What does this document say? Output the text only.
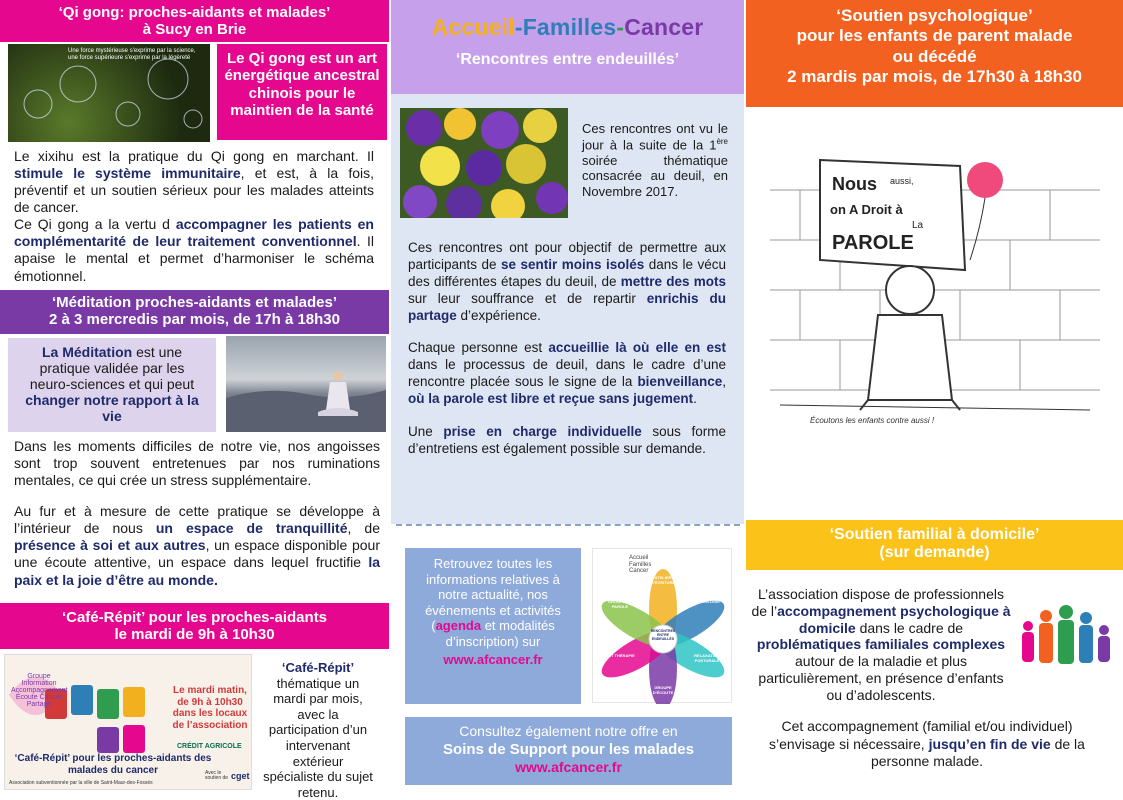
‘Qi gong: proches-aidants et malades’
à Sucy en Brie
Une force mystérieuse s'exprime par la science, une force supérieure s'exprime par la légèreté	Le Qi gong est un art énergétique ancestral chinois pour le maintien de la santé

Le xixihu est la pratique du Qi gong en marchant. Il stimule le système immunitaire, et est, à la fois, préventif et un soutien sérieux pour les malades atteints de cancer.

Ce Qi gong a la vertu d accompagner les patients en complémentarité de leur traitement conventionnel. Il apaise le mental et permet d’harmoniser le schéma émotionnel.

‘Méditation proches-aidants et malades’
2 à 3 mercredis par mois, de 17h à 18h30
La Méditation est une pratique validée par les neuro-sciences et qui peut changer notre rapport à la vie

Dans les moments difficiles de notre vie, nos angoisses sont trop souvent entretenues par nos ruminations mentales, ce qui crée un stress supplémentaire.

Au fur et à mesure de cette pratique se développe à l’intérieur de nous un espace de tranquillité, de présence à soi et aux autres, un espace disponible pour une écoute attentive, un espace dans lequel fructifie la paix et la joie d’être au monde.

‘Café-Répit’ pour les proches-aidants
le mardi de 9h à 10h30
Groupe Information Accompagnement Écoute Cancer Partage
Le mardi matin, de 9h à 10h30 dans les locaux de l’association
CRÉDIT AGRICOLE
‘Café-Répit’ pour les proches-aidants des malades du cancer
Association subventionnée par la ville de Saint-Maur-des-Fossés
Avec le soutien de cget
‘Café-Répit’ thématique un mardi par mois, avec la participation d’un intervenant extérieur spécialiste du sujet retenu.
Accueil-Familles-Cancer
‘Rencontres entre endeuillés’
Ces rencontres ont vu le jour à la suite de la 1ère soirée thématique consacrée au deuil, en Novembre 2017.

Ces rencontres ont pour objectif de permettre aux participants de se sentir moins isolés dans le vécu des différentes étapes du deuil, de mettre des mots sur leur souffrance et de repartir enrichis du partage d’expérience.

Chaque personne est accueillie là où elle en est dans le processus de deuil, dans le cadre d’une rencontre placée sous le signe de la bienveillance, où la parole est libre et reçue sans jugement.

Une prise en charge individuelle sous forme d’entretiens est également possible sur demande.

Retrouvez toutes les informations relatives à notre actualité, nos événements et activités (agenda et modalités d’inscription) sur
www.afcancer.fr
Accueil
Familles
Cancer
RENCONTRES ENTRE ENDEUILLÉS
ATELIER D'ÉCRITURE
SOPHROLOGIE
RELAXATION POSTURALE
GROUPE D'ÉCOUTE
ART THÉRAPIE
GROUPE DE PAROLE
Consultez également notre offre en
Soins de Support pour les malades
www.afcancer.fr
‘Soutien psychologique’
pour les enfants de parent malade
ou décédé
2 mardis par mois, de 17h30 à 18h30
Nous aussi,
on A Droit à
La
PAROLE
Écoutons les enfants contre aussi !
‘Soutien familial à domicile’
(sur demande)
L’association dispose de professionnels de l’accompagnement psychologique à domicile dans le cadre de problématiques familiales complexes autour de la maladie et plus particulièrement, en présence d’enfants ou d’adolescents.
Cet accompagnement (familial et/ou individuel) s’envisage si nécessaire, jusqu’en fin de vie de la personne malade.
